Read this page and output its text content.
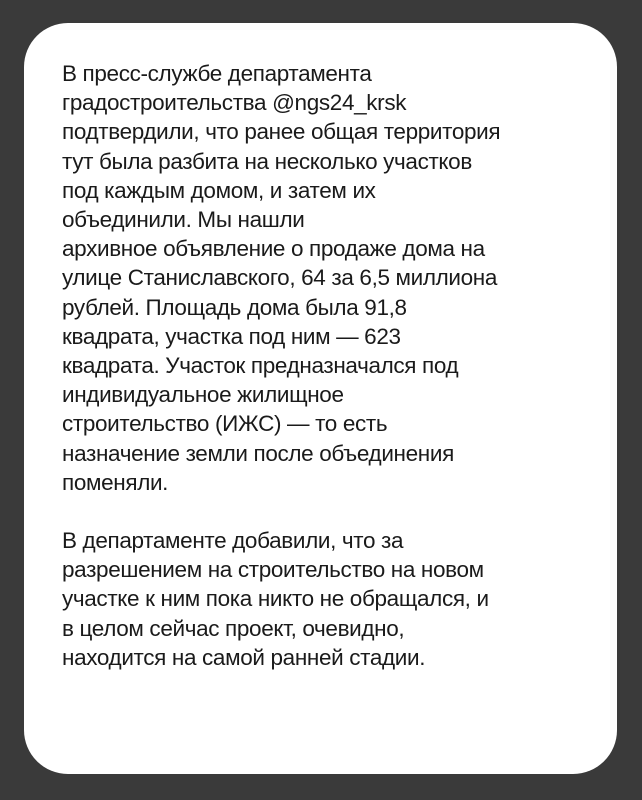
В пресс-службе департамента
градостроительства @ngs24_krsk
подтвердили, что ранее общая территория
тут была разбита на несколько участков
под каждым домом, и затем их
объединили. Мы нашли
архивное объявление о продаже дома на
улице Станиславского, 64 за 6,5 миллиона
рублей. Площадь дома была 91,8
квадрата, участка под ним — 623
квадрата. Участок предназначался под
индивидуальное жилищное
строительство (ИЖС) — то есть
назначение земли после объединения
поменяли.

В департаменте добавили, что за
разрешением на строительство на новом
участке к ним пока никто не обращался, и
в целом сейчас проект, очевидно,
находится на самой ранней стадии.
